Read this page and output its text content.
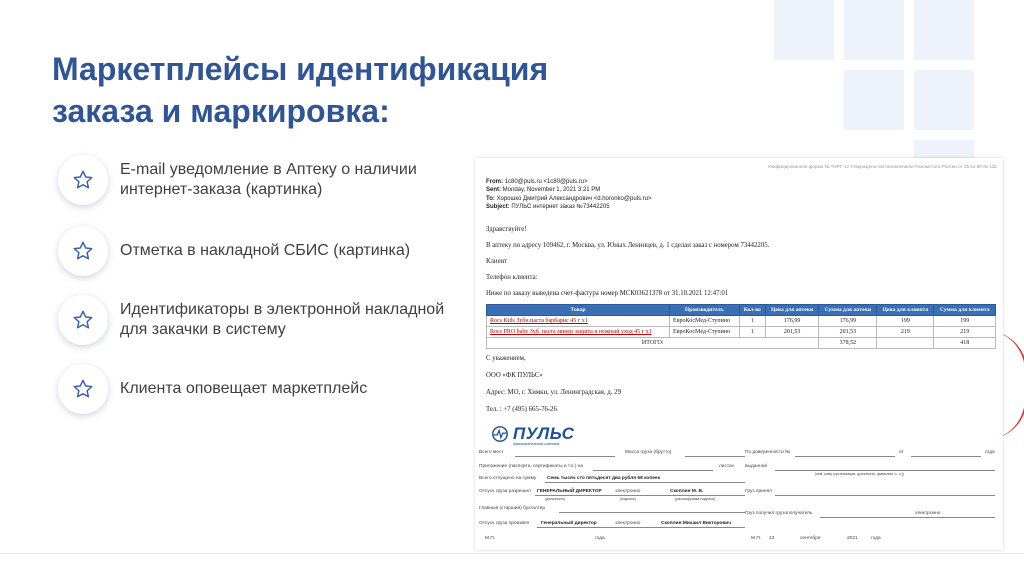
Маркетплейсы идентификация
заказа и маркировка:
E-mail уведомление в Аптеку о наличии
интернет-заказа (картинка)
Отметка в накладной СБИС (картинка)
Идентификаторы в электронной накладной
для закачки в систему
Клиента оповещает маркетплейс
Унифицированная форма № ТОРГ-12 Утверждена постановлением Госкомстата России от 25.12.98 № 132
From: 1c80@puls.ru <1c80@puls.ru>
Sent: Monday, November 1, 2021 3:21 PM
To: Хорошко Дмитрий Александрович <d.horonko@puls.ru>
Subject: ПУЛЬС интернет заказ №73442205
Здравствуйте!
В аптеку по адресу 109462, г. Москва, ул. Юных Ленинцев, д. 1 сделан заказ с номером 73442205.
Клиент
Телефон клиента:
Ниже по заказу выведена счет-фактура номер МСК03621378 от 31.10.2021 12:47:01
Товар	Производитель	Кол-во	Цена для аптеки	Сумма для аптеки	Цена для клиента	Сумма для клиента
Rocs Kids Зубн.паста барбарис 45 г х1	ЕвроКосМед-Ступино	1	176,99	176,99	199	199
Rocs PRO baby Зуб. паста минер защита и нежный уход 45 г х1	ЕвроКосМед-Ступино	1	201,53	201,53	219	219
ИТОГО:				378,52		418
С уважением,
ООО «ФК ПУЛЬС»
Адрес: МО, г. Химки, ул. Ленинградская, д. 29
Тел. : +7 (495) 665-76-26
ПУЛЬС
фармацевтическая компания
Всего мест	Масса груза (брутто)
Приложение (паспорта, сертификаты и т.п.) на	листах
Всего отпущено на сумму Семь тысяч сто пятьдесят два рубля 68 копеек
Отпуск груза разрешил ГЕНЕРАЛЬНЫЙ ДИРЕКТОР	электронно	Скоплин М. В.
(должность)	(подпись)	(расшифровка подписи)
Главный (старший) бухгалтер
Отпуск груза произвел Генеральный директор	электронно	Скоплин Михаил Викторович
М.П.	года
По доверенности №	от	года
выданной
(кем, кому (организация, должность, фамилия, и. о.))
Груз принял
Груз получил грузополучатель	электронно
М.П. 13	сентября	2021	года
